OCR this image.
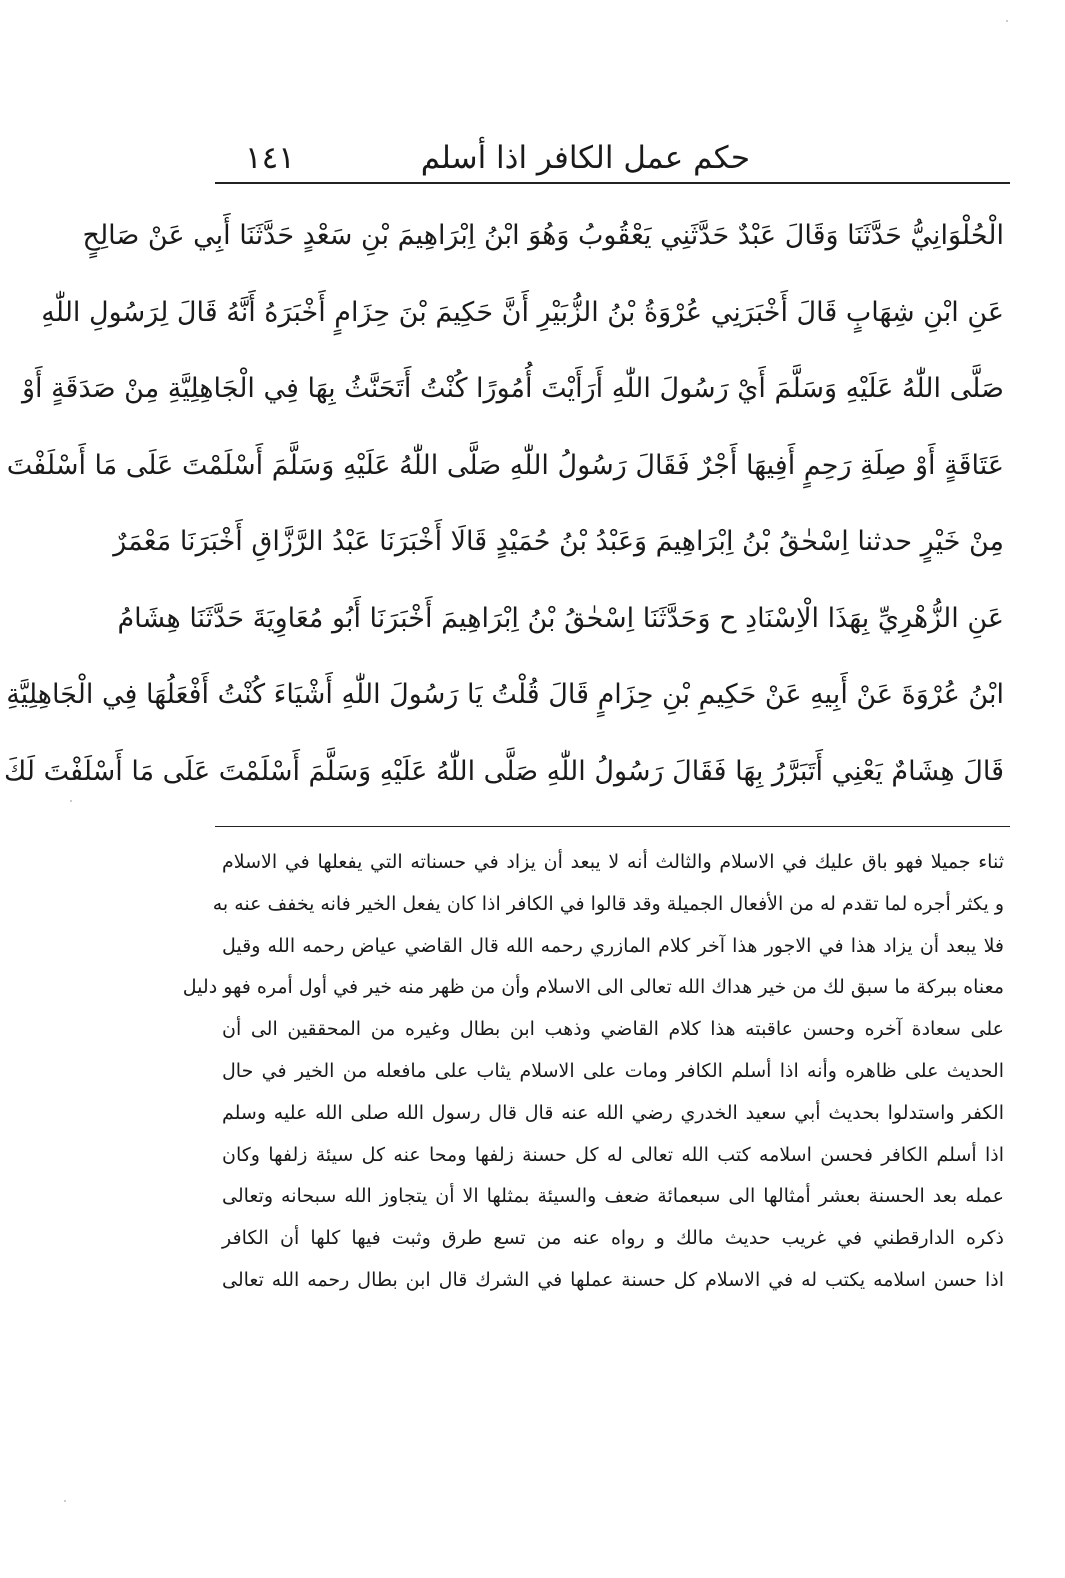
حكم عمل الكافر اذا أسلم
١٤١
الْحُلْوَانِيُّ حَدَّثَنَا وَقَالَ عَبْدٌ حَدَّثَنِي يَعْقُوبُ وَهُوَ ابْنُ اِبْرَاهِيمَ بْنِ سَعْدٍ حَدَّثَنَا أَبِي عَنْ صَالِحٍ
عَنِ ابْنِ شِهَابٍ قَالَ أَخْبَرَنِي عُرْوَةُ بْنُ الزُّبَيْرِ أَنَّ حَكِيمَ بْنَ حِزَامٍ أَخْبَرَهُ أَنَّهُ قَالَ لِرَسُولِ اللّٰهِ
صَلَّى اللّٰهُ عَلَيْهِ وَسَلَّمَ أَيْ رَسُولَ اللّٰهِ أَرَأَيْتَ أُمُورًا كُنْتُ أَتَحَنَّثُ بِهَا فِي الْجَاهِلِيَّةِ مِنْ صَدَقَةٍ أَوْ
عَتَاقَةٍ أَوْ صِلَةِ رَحِمٍ أَفِيهَا أَجْرٌ فَقَالَ رَسُولُ اللّٰهِ صَلَّى اللّٰهُ عَلَيْهِ وَسَلَّمَ أَسْلَمْتَ عَلَى مَا أَسْلَفْتَ
مِنْ خَيْرٍ حدثنا اِسْحٰقُ بْنُ اِبْرَاهِيمَ وَعَبْدُ بْنُ حُمَيْدٍ قَالَا أَخْبَرَنَا عَبْدُ الرَّزَّاقِ أَخْبَرَنَا مَعْمَرٌ
عَنِ الزُّهْرِيِّ بِهَذَا الْاِسْنَادِ ح وَحَدَّثَنَا اِسْحٰقُ بْنُ اِبْرَاهِيمَ أَخْبَرَنَا أَبُو مُعَاوِيَةَ حَدَّثَنَا هِشَامُ
ابْنُ عُرْوَةَ عَنْ أَبِيهِ عَنْ حَكِيمِ بْنِ حِزَامٍ قَالَ قُلْتُ يَا رَسُولَ اللّٰهِ أَشْيَاءَ كُنْتُ أَفْعَلُهَا فِي الْجَاهِلِيَّةِ
قَالَ هِشَامٌ يَعْنِي أَتَبَرَّرُ بِهَا فَقَالَ رَسُولُ اللّٰهِ صَلَّى اللّٰهُ عَلَيْهِ وَسَلَّمَ أَسْلَمْتَ عَلَى مَا أَسْلَفْتَ لَكَ
ثناء جميلا فهو باق عليك في الاسلام والثالث أنه لا يبعد أن يزاد في حسناته التي يفعلها في الاسلام
و يكثر أجره لما تقدم له من الأفعال الجميلة وقد قالوا في الكافر اذا كان يفعل الخير فانه يخفف عنه به
فلا يبعد أن يزاد هذا في الاجور هذا آخر كلام المازري رحمه الله قال القاضي عياض رحمه الله وقيل
معناه ببركة ما سبق لك من خير هداك الله تعالى الى الاسلام وأن من ظهر منه خير في أول أمره فهو دليل
على سعادة آخره وحسن عاقبته هذا كلام القاضي وذهب ابن بطال وغيره من المحققين الى أن
الحديث على ظاهره وأنه اذا أسلم الكافر ومات على الاسلام يثاب على مافعله من الخير في حال
الكفر واستدلوا بحديث أبي سعيد الخدري رضي الله عنه قال قال رسول الله صلى الله عليه وسلم
اذا أسلم الكافر فحسن اسلامه كتب الله تعالى له كل حسنة زلفها ومحا عنه كل سيئة زلفها وكان
عمله بعد الحسنة بعشر أمثالها الى سبعمائة ضعف والسيئة بمثلها الا أن يتجاوز الله سبحانه وتعالى
ذكره الدارقطني في غريب حديث مالك و رواه عنه من تسع طرق وثبت فيها كلها أن الكافر
اذا حسن اسلامه يكتب له في الاسلام كل حسنة عملها في الشرك قال ابن بطال رحمه الله تعالى
